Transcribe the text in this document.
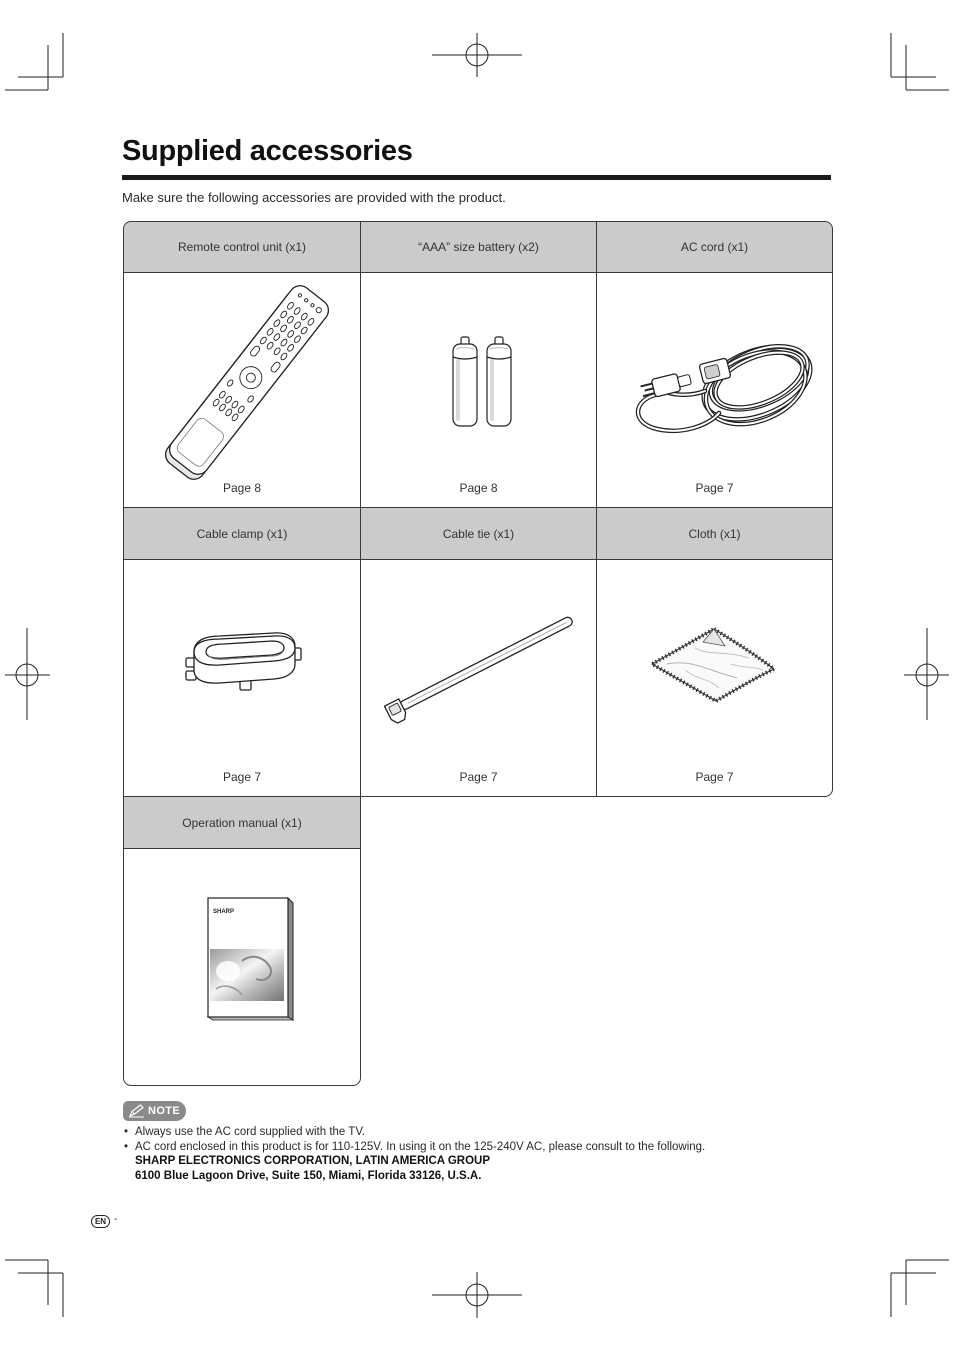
Supplied accessories
Make sure the following accessories are provided with the product.
Remote control unit (x1)	“AAA” size battery (x2)	AC cord (x1)
Page 8	Page 8	Page 7
Cable clamp (x1)	Cable tie (x1)	Cloth (x1)
Page 7	Page 7	Page 7
Operation manual (x1)
SHARP
NOTE
• Always use the AC cord supplied with the TV.
• AC cord enclosed in this product is for 110-125V. In using it on the 125-240V AC, please consult to the following.
SHARP ELECTRONICS CORPORATION, LATIN AMERICA GROUP
6100 Blue Lagoon Drive, Suite 150, Miami, Florida 33126, U.S.A.
EN -
